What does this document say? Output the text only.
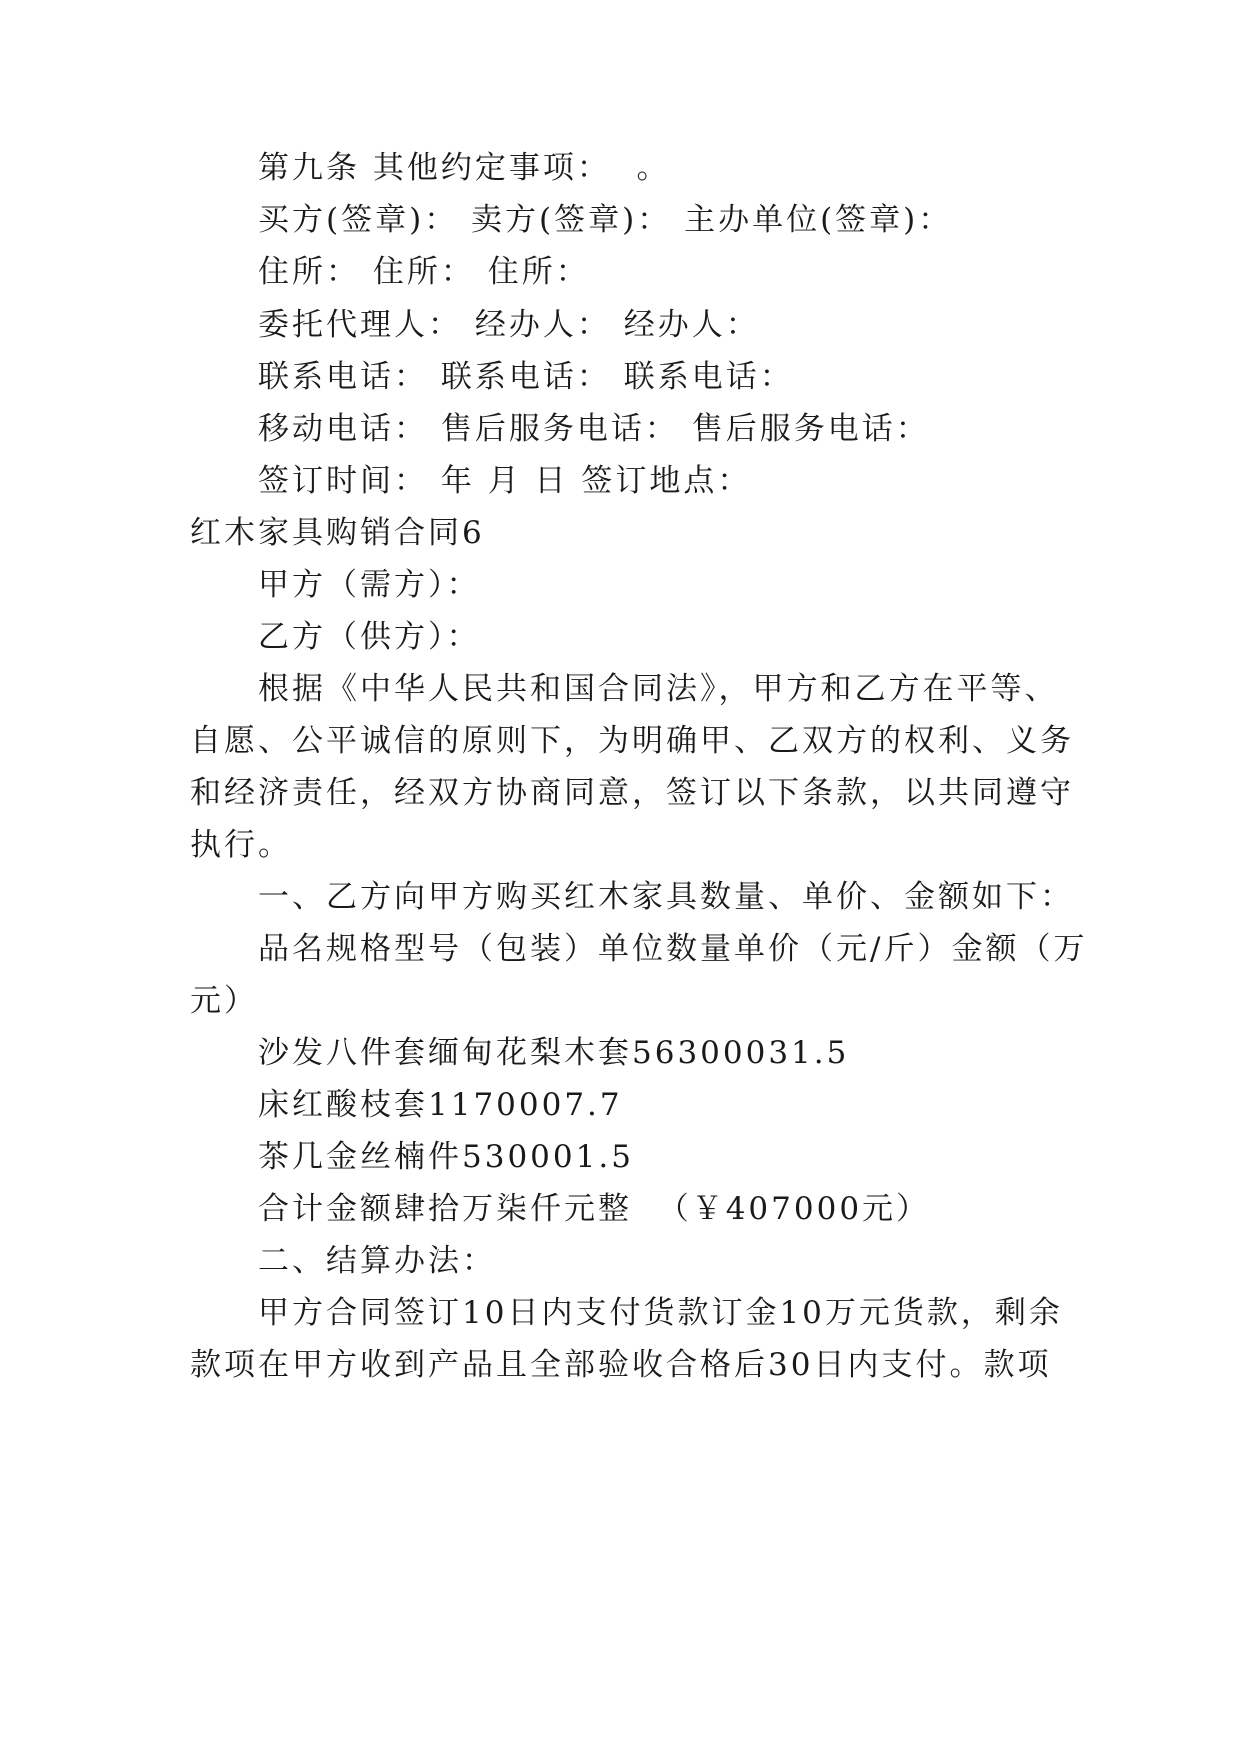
第九条 其他约定事项：  。
买方(签章)： 卖方(签章)： 主办单位(签章)：
住所： 住所： 住所：
委托代理人： 经办人： 经办人：
联系电话： 联系电话： 联系电话：
移动电话： 售后服务电话： 售后服务电话：
签订时间： 年 月 日 签订地点：
红木家具购销合同6
甲方（需方）：
乙方（供方）：
根据《中华人民共和国合同法》，甲方和乙方在平等、
自愿、公平诚信的原则下，为明确甲、乙双方的权利、义务
和经济责任，经双方协商同意，签订以下条款，以共同遵守
执行。
一、乙方向甲方购买红木家具数量、单价、金额如下：
品名规格型号（包装）单位数量单价（元/斤）金额（万
元）
沙发八件套缅甸花梨木套56300031.5
床红酸枝套1170007.7
茶几金丝楠件530001.5
合计金额肆拾万柒仟元整  （￥407000元）
二、结算办法：
甲方合同签订10日内支付货款订金10万元货款，剩余
款项在甲方收到产品且全部验收合格后30日内支付。款项
